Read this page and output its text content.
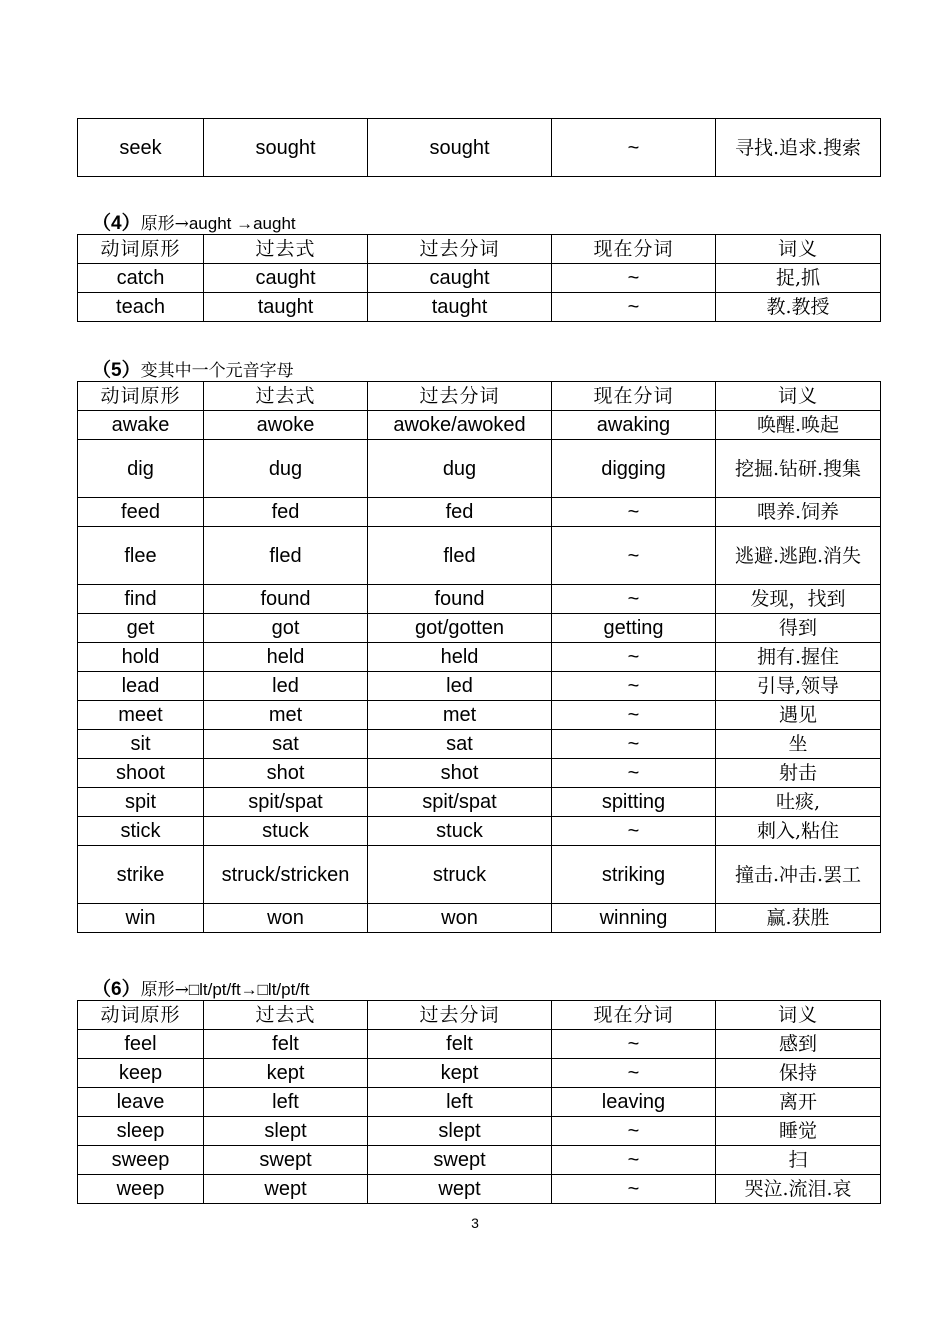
seek	sought	sought	~	寻找.追求.搜索
（4）原形→aught →aught
动词原形	过去式	过去分词	现在分词	词义
catch	caught	caught	~	捉,抓
teach	taught	taught	~	教.教授
（5）变其中一个元音字母
动词原形	过去式	过去分词	现在分词	词义
awake	awoke	awoke/awoked	awaking	唤醒.唤起
dig	dug	dug	digging	挖掘.钻研.搜集
feed	fed	fed	~	喂养.饲养
flee	fled	fled	~	逃避.逃跑.消失
find	found	found	~	发现，找到
get	got	got/gotten	getting	得到
hold	held	held	~	拥有.握住
lead	led	led	~	引导,领导
meet	met	met	~	遇见
sit	sat	sat	~	坐
shoot	shot	shot	~	射击
spit	spit/spat	spit/spat	spitting	吐痰,
stick	stuck	stuck	~	刺入,粘住
strike	struck/stricken	struck	striking	撞击.冲击.罢工
win	won	won	winning	赢.获胜
（6）原形→□lt/pt/ft→□lt/pt/ft
动词原形	过去式	过去分词	现在分词	词义
feel	felt	felt	~	感到
keep	kept	kept	~	保持
leave	left	left	leaving	离开
sleep	slept	slept	~	睡觉
sweep	swept	swept	~	扫
weep	wept	wept	~	哭泣.流泪.哀
3
